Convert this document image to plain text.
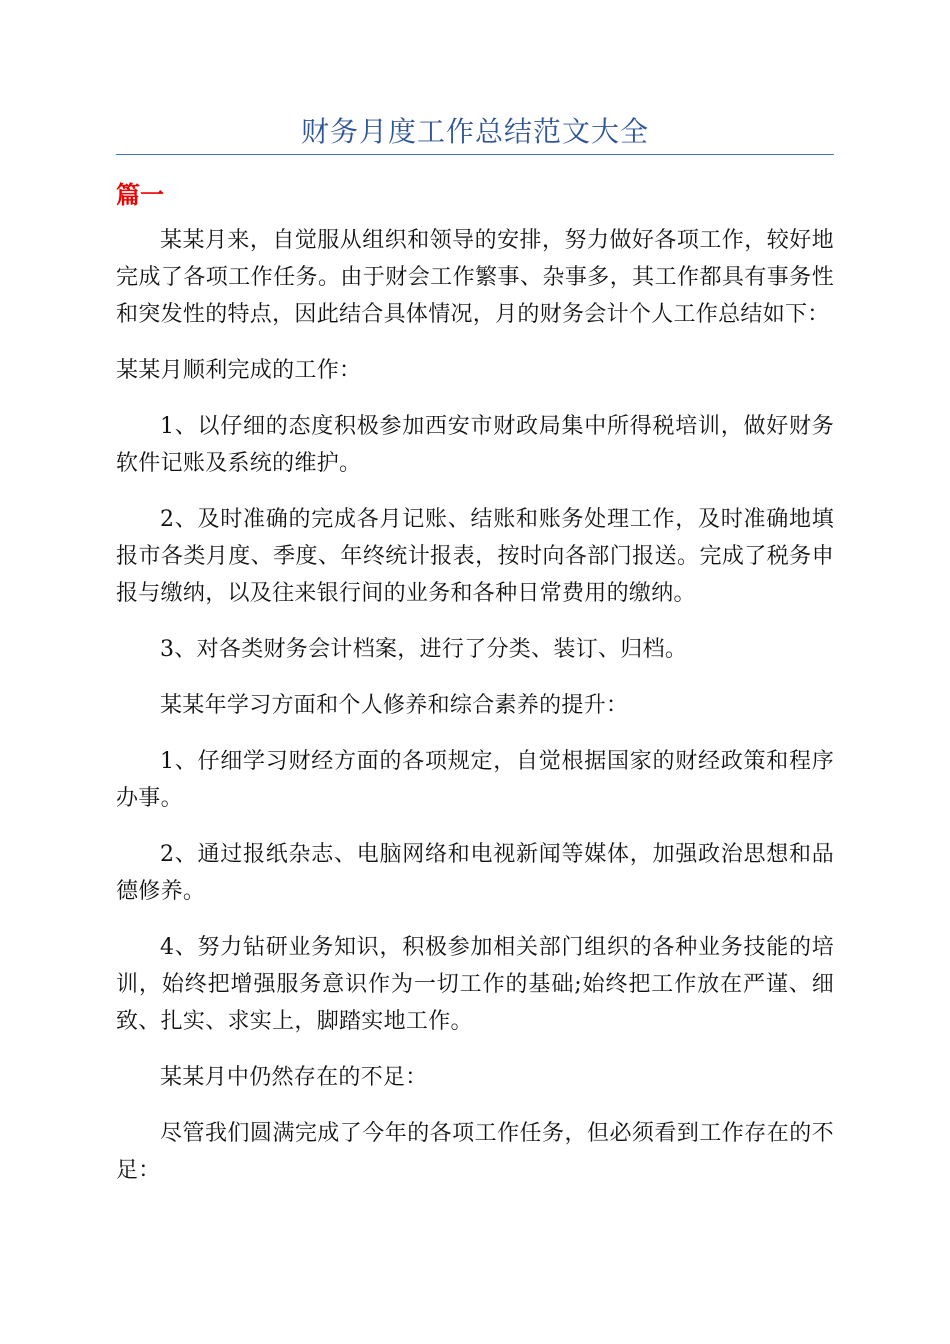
财务月度工作总结范文大全
篇一

某某月来，自觉服从组织和领导的安排，努力做好各项工作，较好地完成了各项工作任务。由于财会工作繁事、杂事多，其工作都具有事务性和突发性的特点，因此结合具体情况，月的财务会计个人工作总结如下：

某某月顺利完成的工作：

1、以仔细的态度积极参加西安市财政局集中所得税培训，做好财务软件记账及系统的维护。

2、及时准确的完成各月记账、结账和账务处理工作，及时准确地填报市各类月度、季度、年终统计报表，按时向各部门报送。完成了税务申报与缴纳，以及往来银行间的业务和各种日常费用的缴纳。

3、对各类财务会计档案，进行了分类、装订、归档。

某某年学习方面和个人修养和综合素养的提升：

1、仔细学习财经方面的各项规定，自觉根据国家的财经政策和程序办事。

2、通过报纸杂志、电脑网络和电视新闻等媒体，加强政治思想和品德修养。

4、努力钻研业务知识，积极参加相关部门组织的各种业务技能的培训，始终把增强服务意识作为一切工作的基础;始终把工作放在严谨、细致、扎实、求实上，脚踏实地工作。

某某月中仍然存在的不足：

尽管我们圆满完成了今年的各项工作任务，但必须看到工作存在的不足：
